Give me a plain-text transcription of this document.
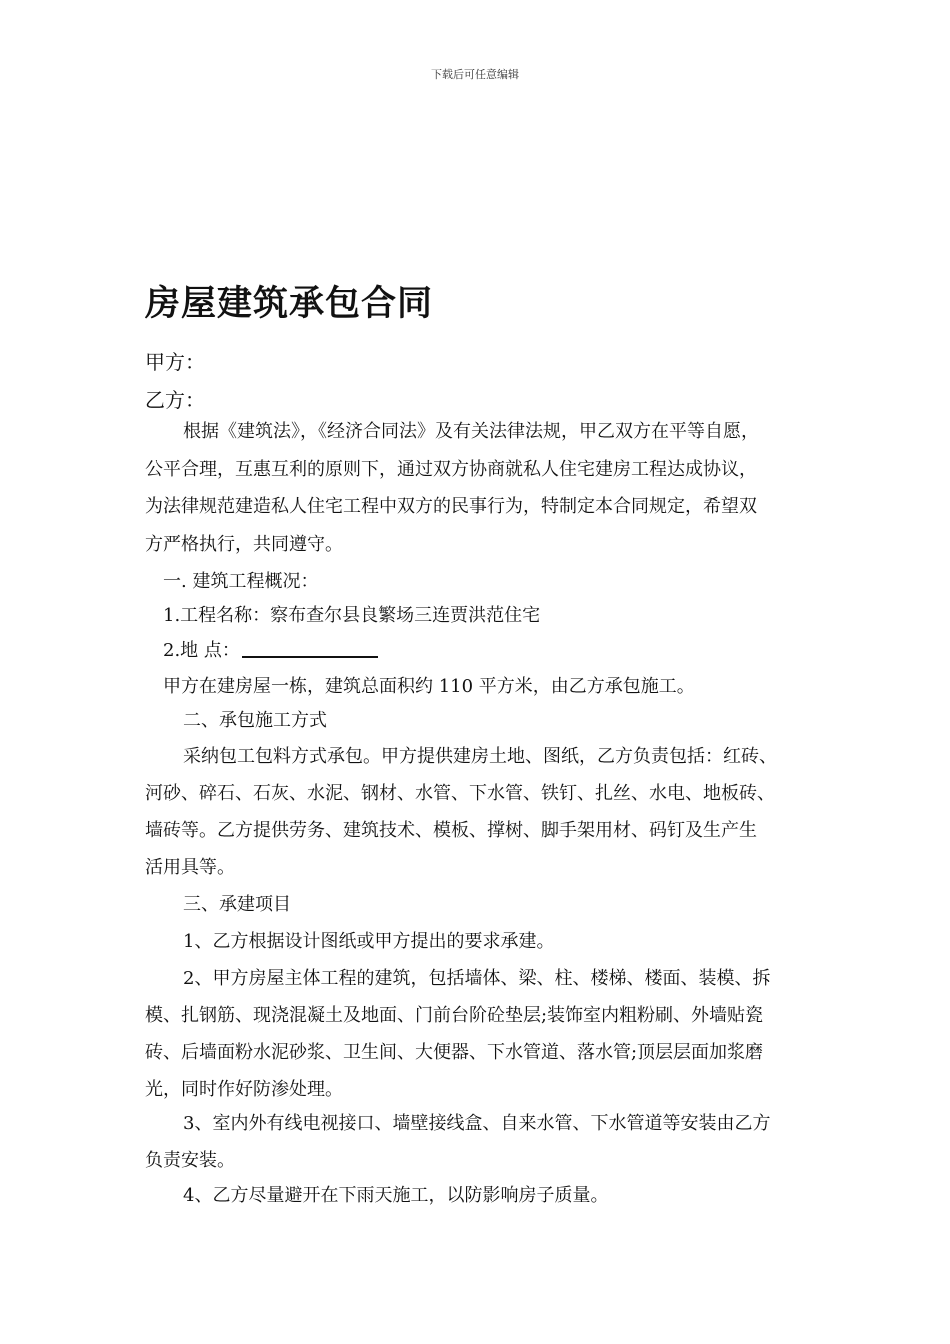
下载后可任意编辑
房屋建筑承包合同
甲方：
乙方：
根据《建筑法》，《经济合同法》及有关法律法规，甲乙双方在平等自愿，
公平合理，互惠互利的原则下，通过双方协商就私人住宅建房工程达成协议，
为法律规范建造私人住宅工程中双方的民事行为，特制定本合同规定，希望双
方严格执行，共同遵守。
一. 建筑工程概况：
1.工程名称：察布查尔县良繁场三连贾洪范住宅
2.地 点：
甲方在建房屋一栋，建筑总面积约 110 平方米，由乙方承包施工。
二、承包施工方式
采纳包工包料方式承包。甲方提供建房土地、图纸，乙方负责包括：红砖、
河砂、碎石、石灰、水泥、钢材、水管、下水管、铁钉、扎丝、水电、地板砖、
墙砖等。乙方提供劳务、建筑技术、模板、撑树、脚手架用材、码钉及生产生
活用具等。
三、承建项目
1、乙方根据设计图纸或甲方提出的要求承建。
2、甲方房屋主体工程的建筑，包括墙体、梁、柱、楼梯、楼面、装模、拆
模、扎钢筋、现浇混凝土及地面、门前台阶砼垫层;装饰室内粗粉刷、外墙贴瓷
砖、后墙面粉水泥砂浆、卫生间、大便器、下水管道、落水管;顶层层面加浆磨
光，同时作好防渗处理。
3、室内外有线电视接口、墙壁接线盒、自来水管、下水管道等安装由乙方
负责安装。
4、乙方尽量避开在下雨天施工，以防影响房子质量。
